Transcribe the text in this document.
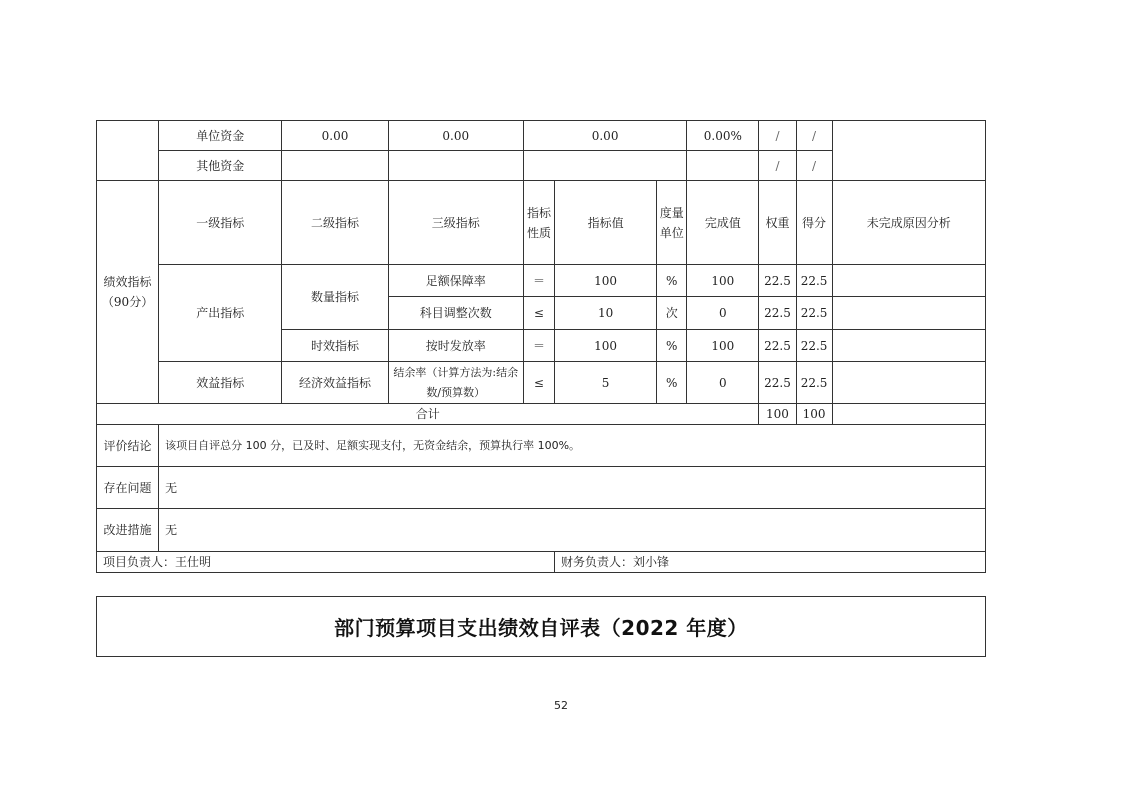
	单位资金	0.00	0.00	0.00			0.00%	/	/	
	其他资金							/	/	
绩效指标（90分）	一级指标	二级指标	三级指标	指标性质	指标值	度量单位	完成值	权重	得分	未完成原因分析
	产出指标	数量指标	足额保障率	＝	100	%	100	22.5	22.5	
			科目调整次数	≤	10	次	0	22.5	22.5	
		时效指标	按时发放率	＝	100	%	100	22.5	22.5	
	效益指标	经济效益指标	结余率（计算方法为:结余数/预算数）	≤	5	%	0	22.5	22.5	
合计								100	100	
评价结论	该项目自评总分 100 分，已及时、足额实现支付，无资金结余，预算执行率 100%。									
存在问题	无									
改进措施	无									
项目负责人：王仕明					财务负责人：刘小锋					
部门预算项目支出绩效自评表（2022 年度）
52
